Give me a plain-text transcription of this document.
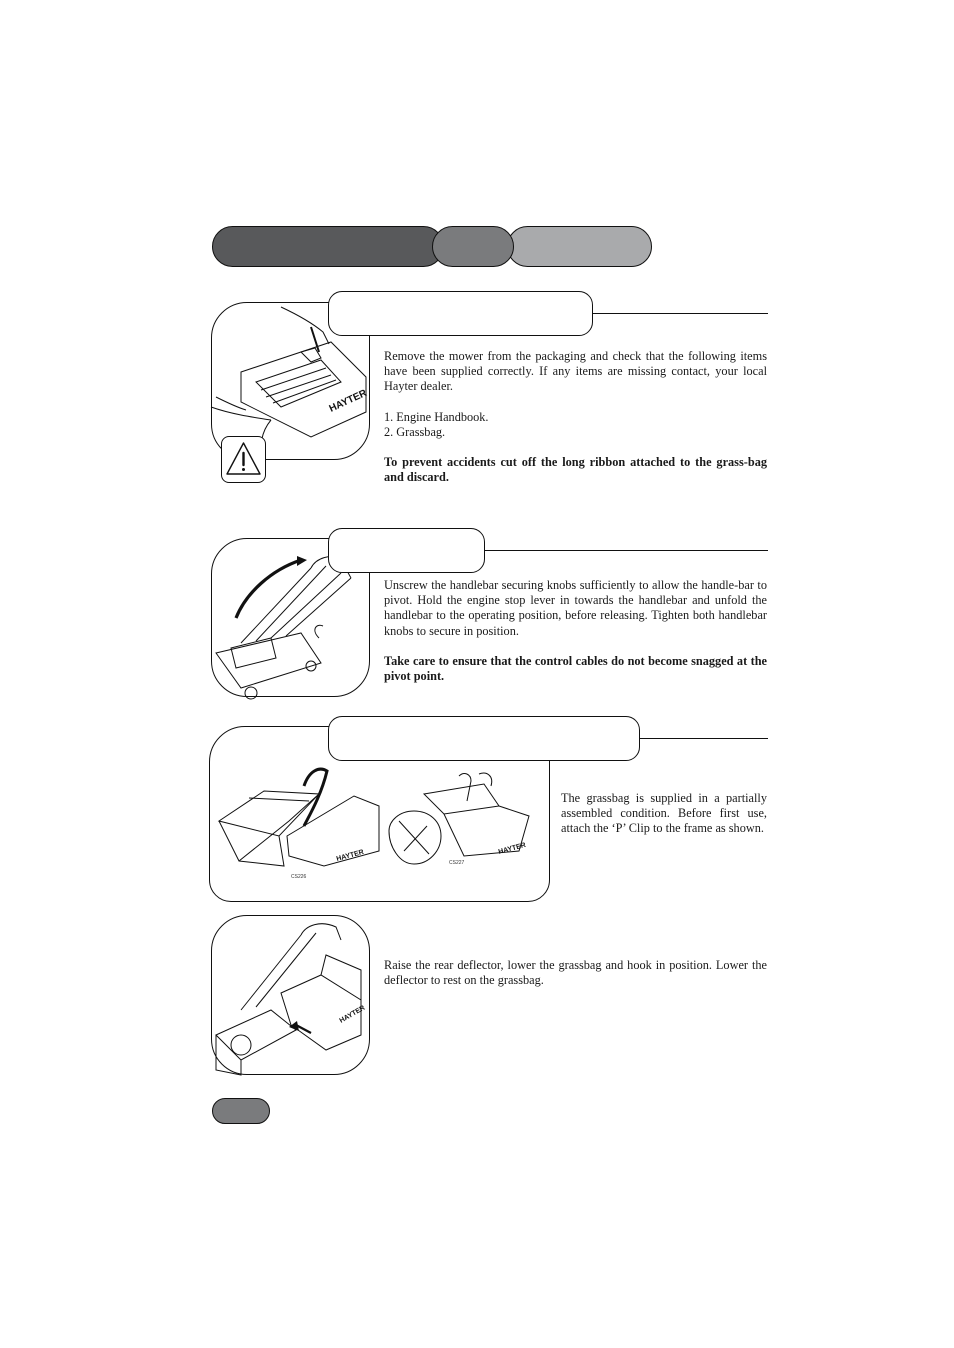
HAYTER

Remove the mower from the packaging and check that the following items have been supplied correctly. If any items are missing contact, your local Hayter dealer.

1. Engine Handbook.

2. Grassbag.

To prevent accidents cut off the long ribbon attached to the grass-bag and discard.

Unscrew the handlebar securing knobs sufficiently to allow the handle-bar to pivot. Hold the engine stop lever in towards the handlebar and unfold the handlebar to the operating position, before releasing. Tighten both handlebar knobs to secure in position.

Take care to ensure that the control cables do not become snagged at the pivot point.

HAYTER	HAYTER
CS226
CS227

The grassbag is supplied in a partially assembled condition. Before first use, attach the ‘P’ Clip to the frame as shown.

HAYTER

Raise the rear deflector, lower the grassbag and hook in position. Lower the deflector to rest on the grassbag.
